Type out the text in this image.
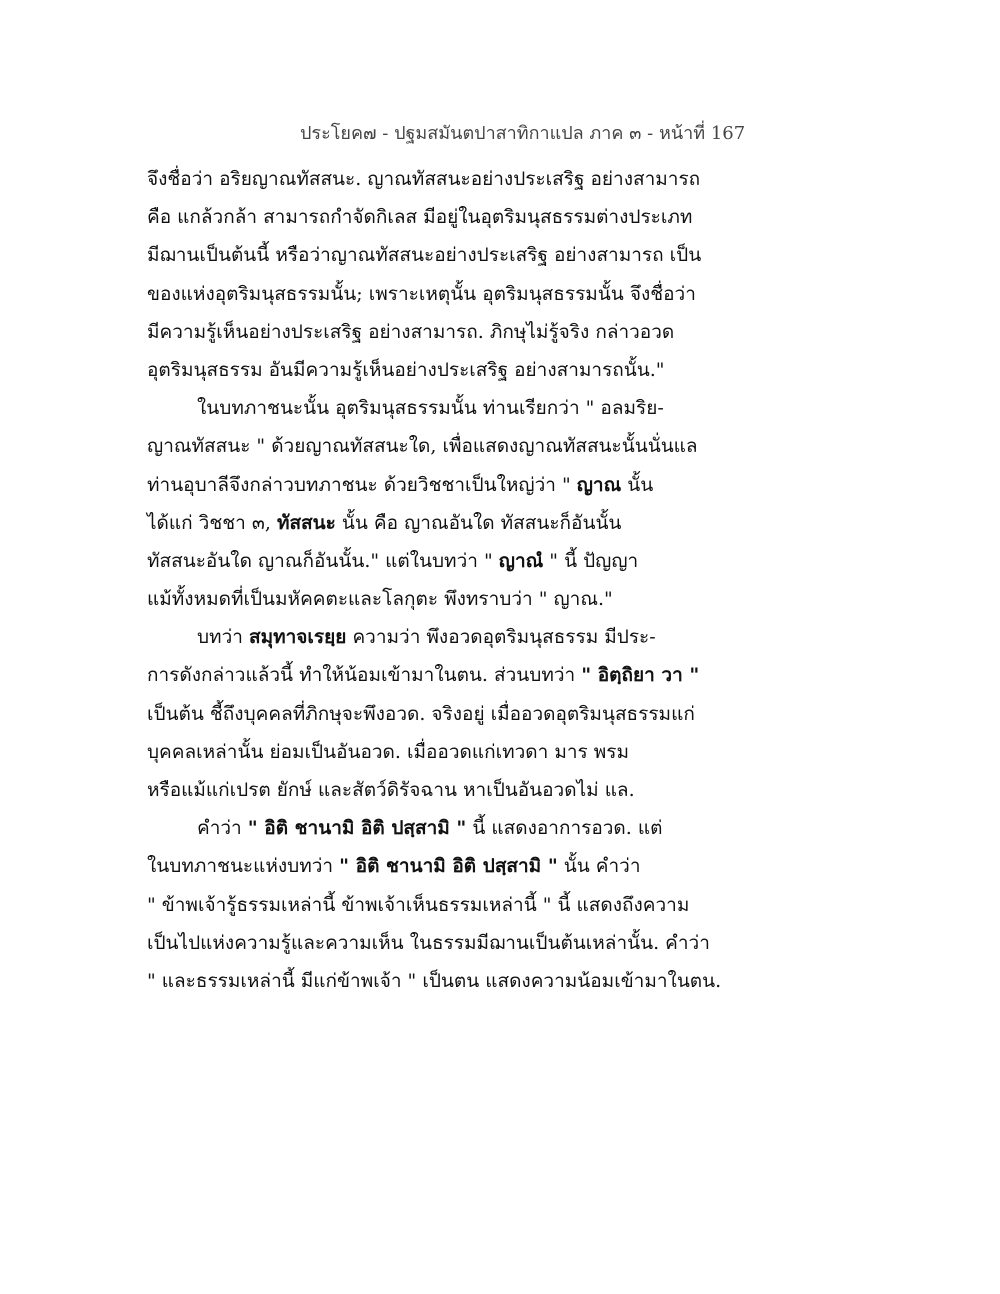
ประโยค๗ - ปฐมสมันตปาสาทิกาแปล ภาค ๓ - หน้าที่ 167
จึงชื่อว่า อริยญาณทัสสนะ. ญาณทัสสนะอย่างประเสริฐ อย่างสามารถ
คือ แกล้วกล้า สามารถกำจัดกิเลส มีอยู่ในอุตริมนุสธรรมต่างประเภท
มีฌานเป็นต้นนี้ หรือว่าญาณทัสสนะอย่างประเสริฐ อย่างสามารถ เป็น
ของแห่งอุตริมนุสธรรมนั้น; เพราะเหตุนั้น อุตริมนุสธรรมนั้น จึงชื่อว่า
มีความรู้เห็นอย่างประเสริฐ อย่างสามารถ. ภิกษุไม่รู้จริง กล่าวอวด
อุตริมนุสธรรม อันมีความรู้เห็นอย่างประเสริฐ อย่างสามารถนั้น."
ในบทภาชนะนั้น อุตริมนุสธรรมนั้น ท่านเรียกว่า " อลมริย-
ญาณทัสสนะ " ด้วยญาณทัสสนะใด, เพื่อแสดงญาณทัสสนะนั้นนั่นแล
ท่านอุบาลีจึงกล่าวบทภาชนะ ด้วยวิชชาเป็นใหญ่ว่า " ญาณ นั้น
ได้แก่ วิชชา ๓, ทัสสนะ นั้น คือ ญาณอันใด ทัสสนะก็อันนั้น
ทัสสนะอันใด ญาณก็อันนั้น." แต่ในบทว่า " ญาณํ " นี้ ปัญญา
แม้ทั้งหมดที่เป็นมหัคคตะและโลกุตะ พึงทราบว่า " ญาณ."
บทว่า สมุทาจเรยฺย ความว่า พึงอวดอุตริมนุสธรรม มีประ-
การดังกล่าวแล้วนี้ ทำให้น้อมเข้ามาในตน. ส่วนบทว่า " อิตฺถิยา วา "
เป็นต้น ชี้ถึงบุคคลที่ภิกษุจะพึงอวด. จริงอยู่ เมื่ออวดอุตริมนุสธรรมแก่
บุคคลเหล่านั้น ย่อมเป็นอันอวด. เมื่ออวดแก่เทวดา มาร พรม
หรือแม้แก่เปรต ยักษ์ และสัตว์ดิรัจฉาน หาเป็นอันอวดไม่ แล.
คำว่า " อิติ ชานามิ อิติ ปสฺสามิ " นี้ แสดงอาการอวด. แต่
ในบทภาชนะแห่งบทว่า " อิติ ชานามิ อิติ ปสฺสามิ " นั้น คำว่า
" ข้าพเจ้ารู้ธรรมเหล่านี้ ข้าพเจ้าเห็นธรรมเหล่านี้ " นี้ แสดงถึงความ
เป็นไปแห่งความรู้และความเห็น ในธรรมมีฌานเป็นต้นเหล่านั้น. คำว่า
" และธรรมเหล่านี้ มีแก่ข้าพเจ้า " เป็นตน แสดงความน้อมเข้ามาในตน.
